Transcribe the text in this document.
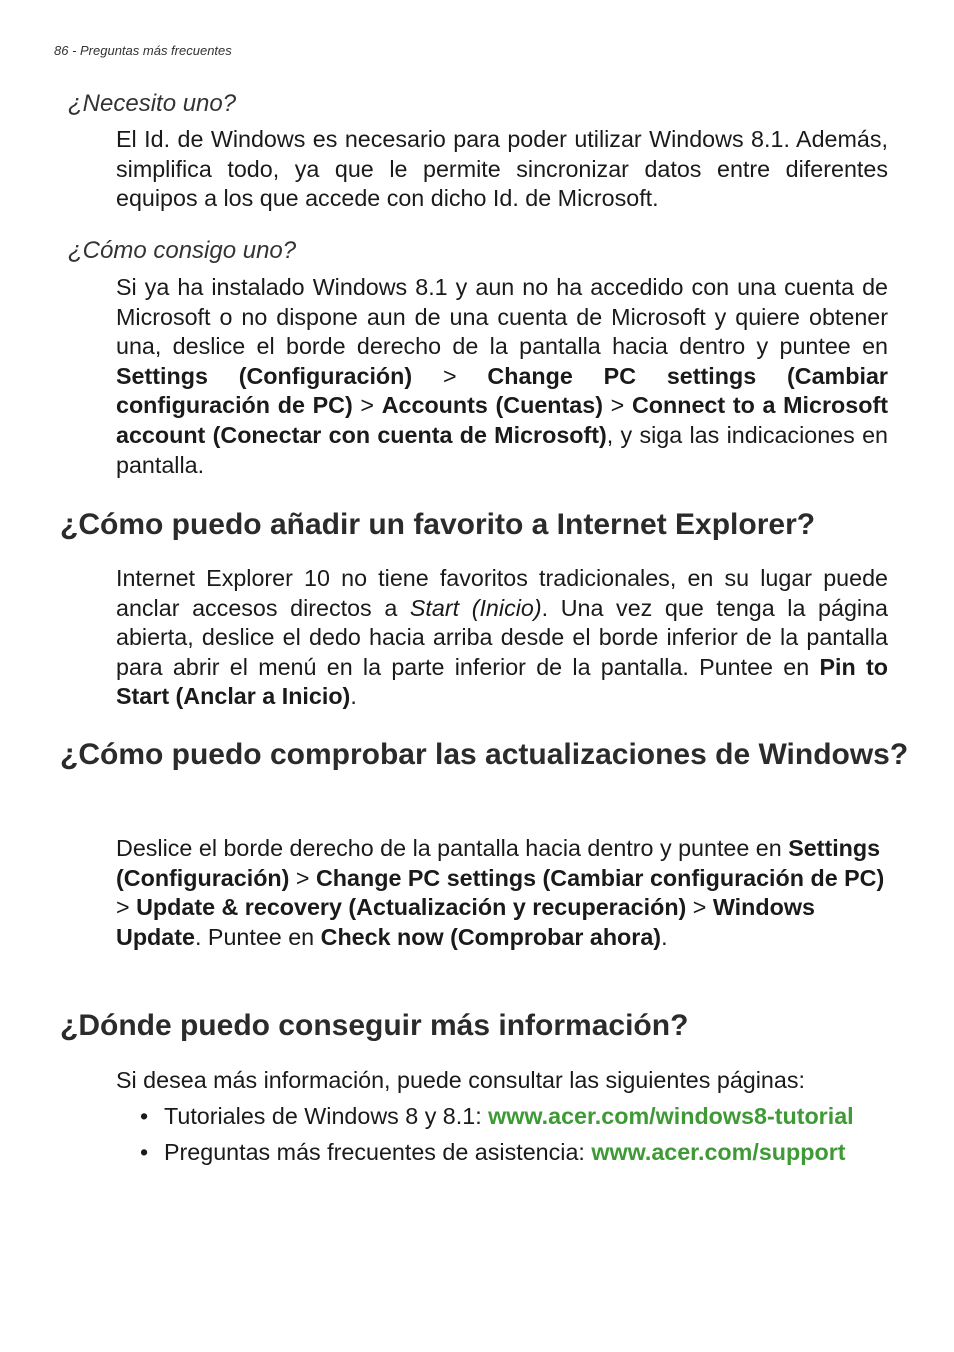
86 - Preguntas más frecuentes
¿Necesito uno?

El Id. de Windows es necesario para poder utilizar Windows 8.1. Además, simplifica todo, ya que le permite sincronizar datos entre diferentes equipos a los que accede con dicho Id. de Microsoft.

¿Cómo consigo uno?

Si ya ha instalado Windows 8.1 y aun no ha accedido con una cuenta de Microsoft o no dispone aun de una cuenta de Microsoft y quiere obtener una, deslice el borde derecho de la pantalla hacia dentro y puntee en Settings (Configuración) > Change PC settings (Cambiar configuración de PC) > Accounts (Cuentas) > Connect to a Microsoft account (Conectar con cuenta de Microsoft), y siga las indicaciones en pantalla.

¿Cómo puedo añadir un favorito a Internet Explorer?

Internet Explorer 10 no tiene favoritos tradicionales, en su lugar puede anclar accesos directos a Start (Inicio). Una vez que tenga la página abierta, deslice el dedo hacia arriba desde el borde inferior de la pantalla para abrir el menú en la parte inferior de la pantalla. Puntee en Pin to Start (Anclar a Inicio).

¿Cómo puedo comprobar las actualizaciones de Windows?

Deslice el borde derecho de la pantalla hacia dentro y puntee en Settings (Configuración) > Change PC settings (Cambiar configuración de PC) > Update & recovery (Actualización y recuperación) > Windows Update. Puntee en Check now (Comprobar ahora).

¿Dónde puedo conseguir más información?

Si desea más información, puede consultar las siguientes páginas:

• Tutoriales de Windows 8 y 8.1: www.acer.com/windows8-tutorial
• Preguntas más frecuentes de asistencia: www.acer.com/support
